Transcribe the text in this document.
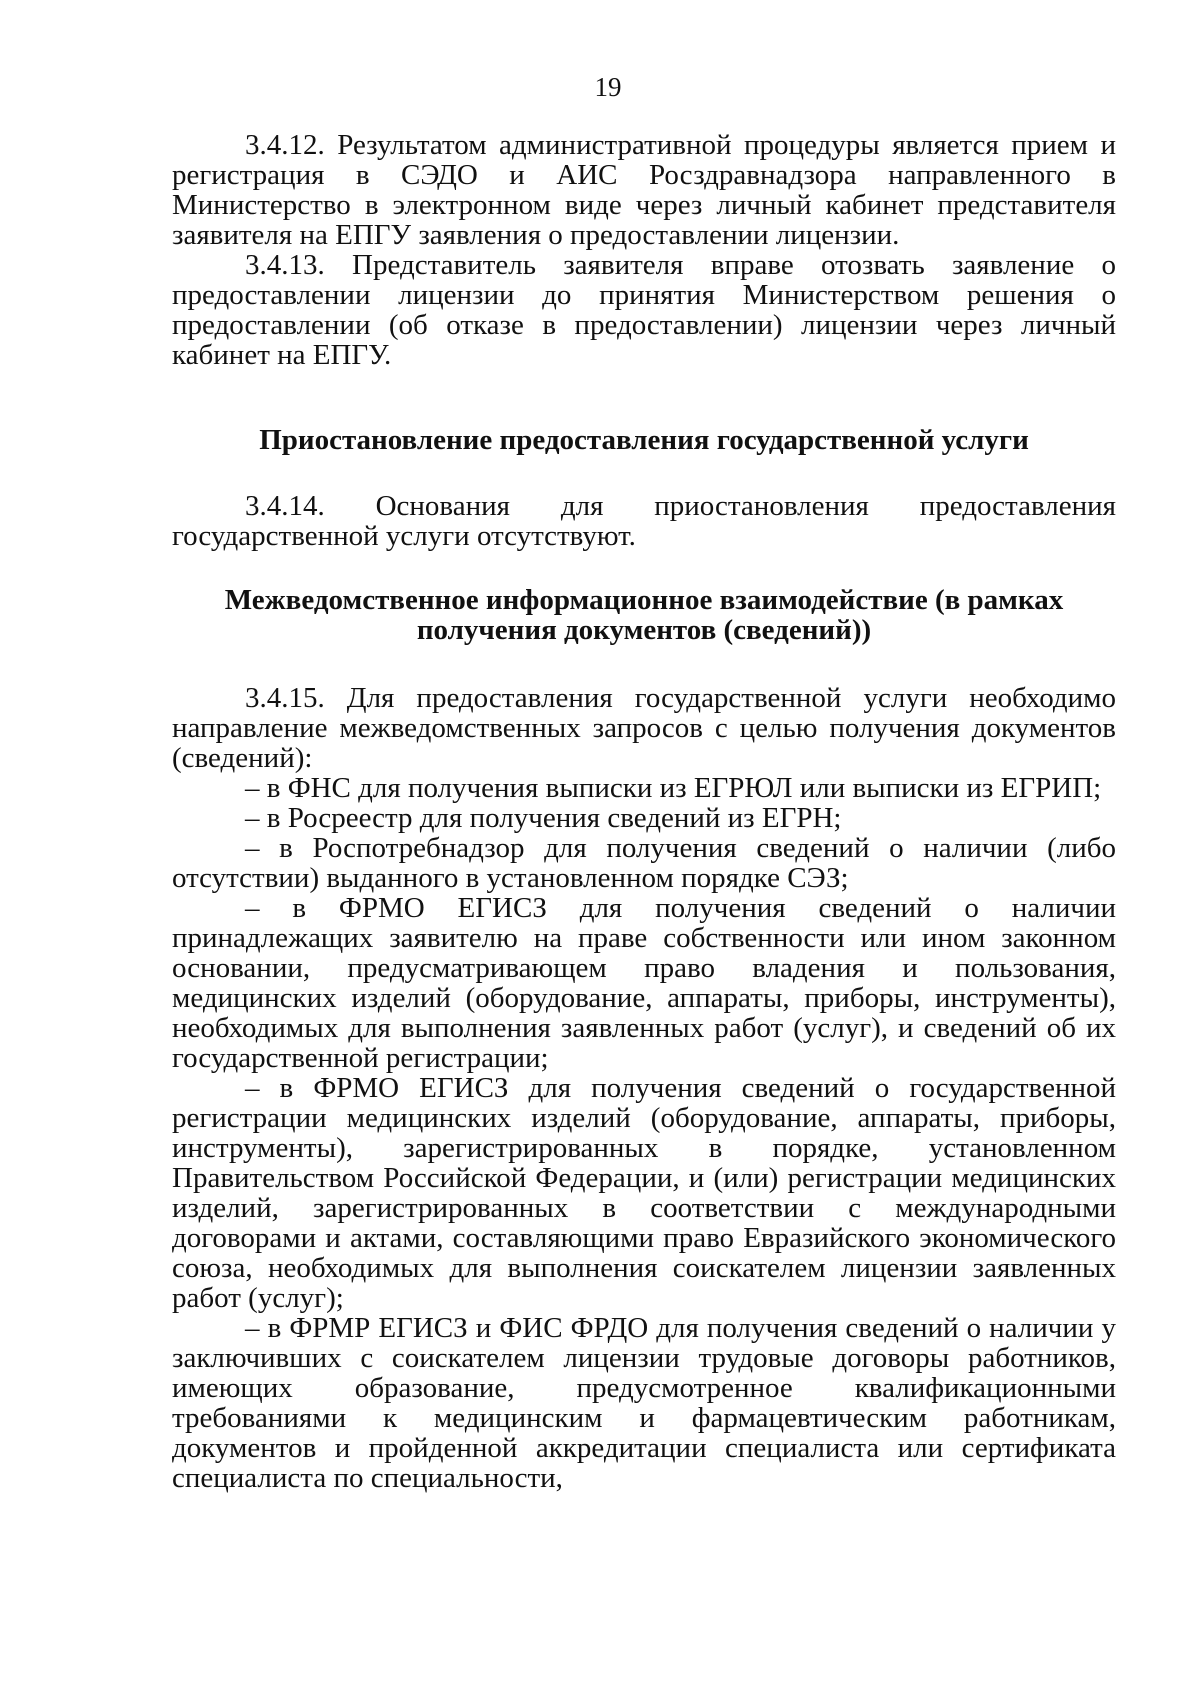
19

3.4.12. Результатом административной процедуры является прием и регистрация в СЭДО и АИС Росздравнадзора направленного в Министерство в электронном виде через личный кабинет представителя заявителя на ЕПГУ заявления о предоставлении лицензии.

3.4.13. Представитель заявителя вправе отозвать заявление о предоставлении лицензии до принятия Министерством решения о предоставлении (об отказе в предоставлении) лицензии через личный кабинет на ЕПГУ.

Приостановление предоставления государственной услуги

3.4.14. Основания для приостановления предоставления государственной услуги отсутствуют.

Межведомственное информационное взаимодействие (в рамках

получения документов (сведений))

3.4.15. Для предоставления государственной услуги необходимо направление межведомственных запросов с целью получения документов (сведений):

– в ФНС для получения выписки из ЕГРЮЛ или выписки из ЕГРИП;

– в Росреестр для получения сведений из ЕГРН;

– в Роспотребнадзор для получения сведений о наличии (либо отсутствии) выданного в установленном порядке СЭЗ;

– в ФРМО ЕГИСЗ для получения сведений о наличии принадлежащих заявителю на праве собственности или ином законном основании, предусматривающем право владения и пользования, медицинских изделий (оборудование, аппараты, приборы, инструменты), необходимых для выполнения заявленных работ (услуг), и сведений об их государственной регистрации;

– в ФРМО ЕГИСЗ для получения сведений о государственной регистрации медицинских изделий (оборудование, аппараты, приборы, инструменты), зарегистрированных в порядке, установленном Правительством Российской Федерации, и (или) регистрации медицинских изделий, зарегистрированных в соответствии с международными договорами и актами, составляющими право Евразийского экономического союза, необходимых для выполнения соискателем лицензии заявленных работ (услуг);

– в ФРМР ЕГИСЗ и ФИС ФРДО для получения сведений о наличии у заключивших с соискателем лицензии трудовые договоры работников, имеющих образование, предусмотренное квалификационными требованиями к медицинским и фармацевтическим работникам, документов и пройденной аккредитации специалиста или сертификата специалиста по специальности,
